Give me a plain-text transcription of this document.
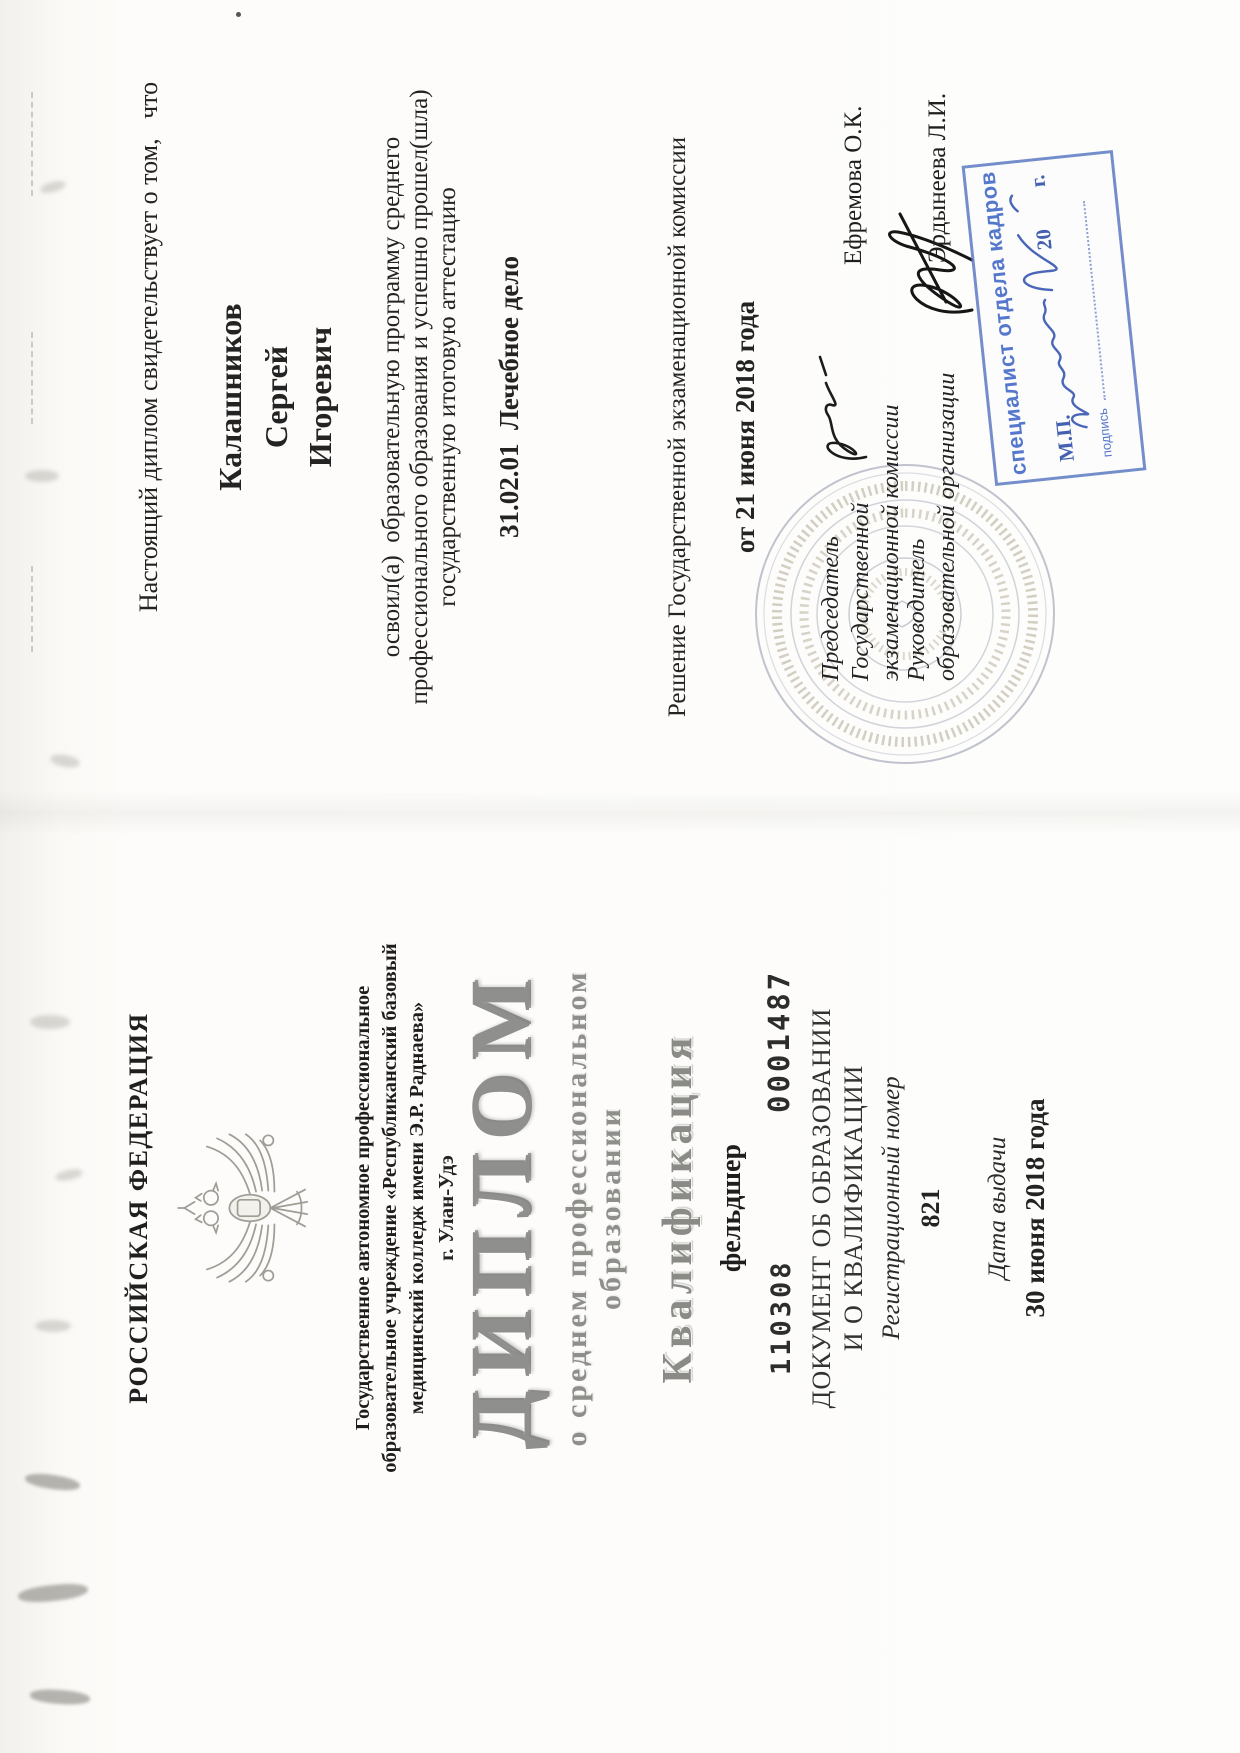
РОССИЙСКАЯ ФЕДЕРАЦИЯ	Государственное автономное профессиональное образовательное учреждение «Республиканский базовый медицинский колледж имени Э.Р. Раднаева» г. Улан-Удэ
ДИПЛОМ о среднем профессиональном образовании Квалификация фельдшер
110308
0001487 ДОКУМЕНТ ОБ ОБРАЗОВАНИИ И О КВАЛИФИКАЦИИ Регистрационный номер 821 Дата выдачи 30 июня 2018 года
Настоящий диплом свидетельствует о том,   что Калашников Сергей Игоревич освоил(а)  образовательную программу среднего профессионального образования и успешно прошел(шла) государственную итоговую аттестацию 31.02.01  Лечебное дело	Решение Государственной экзаменационной комиссии от 21 июня 2018 года
Председатель Государственной экзаменационной комиссии
Ефремова О.К.
Руководитель образовательной организации
Эрдынеева Л.И. специалист отдела кадров М.П.
20        г.
подпись
